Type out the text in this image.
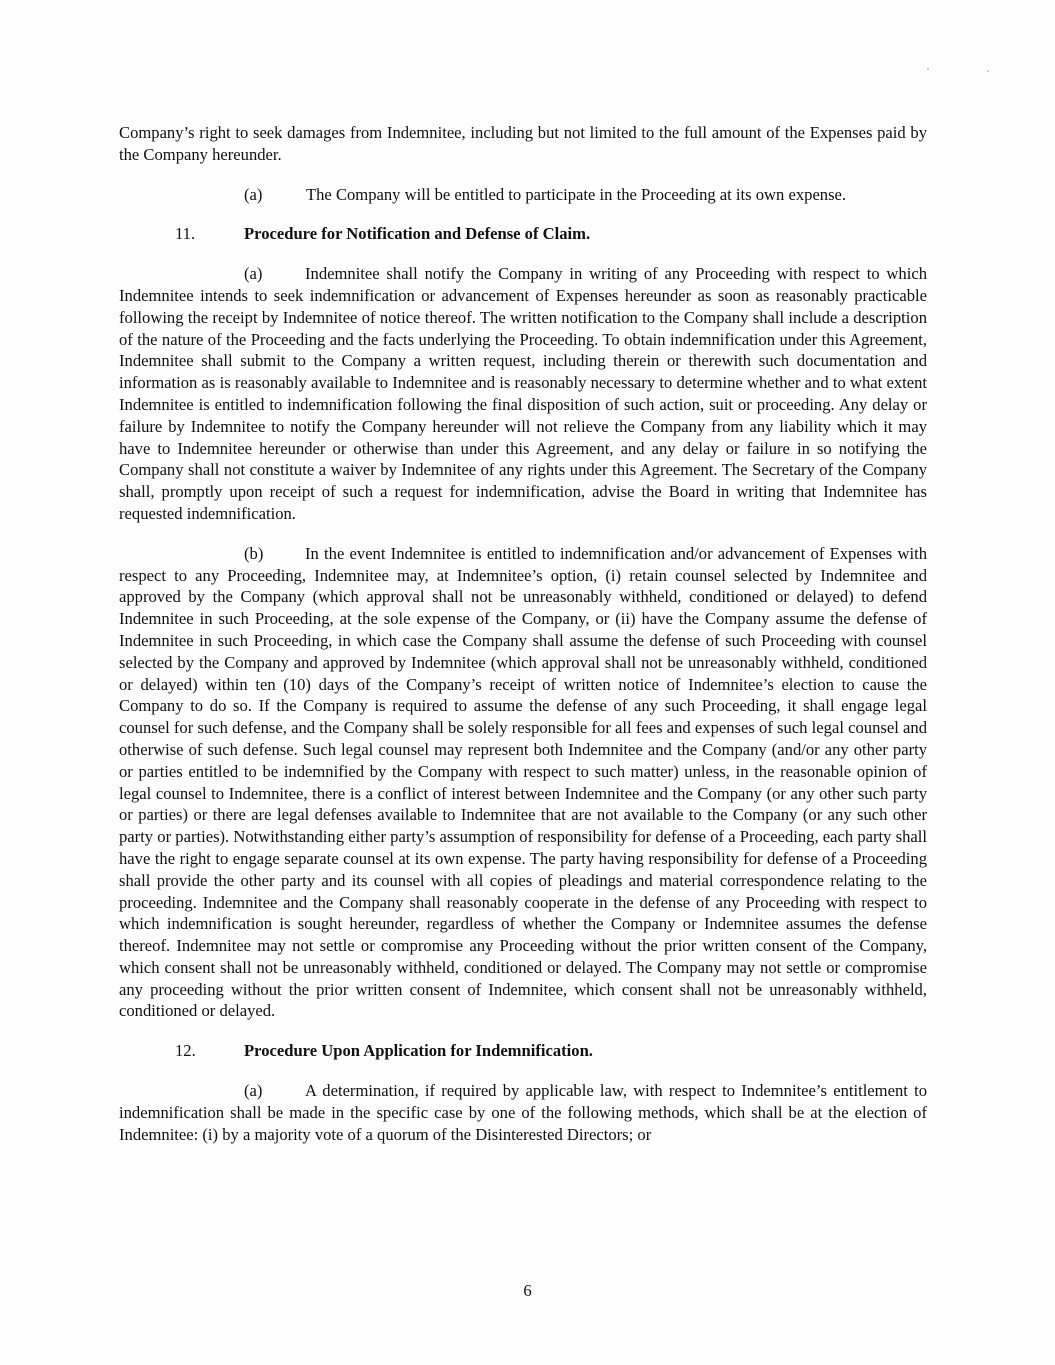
Company’s right to seek damages from Indemnitee, including but not limited to the full amount of the Expenses paid by the Company hereunder.

(a)	The Company will be entitled to participate in the Proceeding at its own expense.

11.	Procedure for Notification and Defense of Claim.

(a)	Indemnitee shall notify the Company in writing of any Proceeding with respect to which Indemnitee intends to seek indemnification or advancement of Expenses hereunder as soon as reasonably practicable following the receipt by Indemnitee of notice thereof. The written notification to the Company shall include a description of the nature of the Proceeding and the facts underlying the Proceeding. To obtain indemnification under this Agreement, Indemnitee shall submit to the Company a written request, including therein or therewith such documentation and information as is reasonably available to Indemnitee and is reasonably necessary to determine whether and to what extent Indemnitee is entitled to indemnification following the final disposition of such action, suit or proceeding. Any delay or failure by Indemnitee to notify the Company hereunder will not relieve the Company from any liability which it may have to Indemnitee hereunder or otherwise than under this Agreement, and any delay or failure in so notifying the Company shall not constitute a waiver by Indemnitee of any rights under this Agreement. The Secretary of the Company shall, promptly upon receipt of such a request for indemnification, advise the Board in writing that Indemnitee has requested indemnification.

(b)	In the event Indemnitee is entitled to indemnification and/or advancement of Expenses with respect to any Proceeding, Indemnitee may, at Indemnitee’s option, (i) retain counsel selected by Indemnitee and approved by the Company (which approval shall not be unreasonably withheld, conditioned or delayed) to defend Indemnitee in such Proceeding, at the sole expense of the Company, or (ii) have the Company assume the defense of Indemnitee in such Proceeding, in which case the Company shall assume the defense of such Proceeding with counsel selected by the Company and approved by Indemnitee (which approval shall not be unreasonably withheld, conditioned or delayed) within ten (10) days of the Company’s receipt of written notice of Indemnitee’s election to cause the Company to do so. If the Company is required to assume the defense of any such Proceeding, it shall engage legal counsel for such defense, and the Company shall be solely responsible for all fees and expenses of such legal counsel and otherwise of such defense. Such legal counsel may represent both Indemnitee and the Company (and/or any other party or parties entitled to be indemnified by the Company with respect to such matter) unless, in the reasonable opinion of legal counsel to Indemnitee, there is a conflict of interest between Indemnitee and the Company (or any other such party or parties) or there are legal defenses available to Indemnitee that are not available to the Company (or any such other party or parties). Notwithstanding either party’s assumption of responsibility for defense of a Proceeding, each party shall have the right to engage separate counsel at its own expense. The party having responsibility for defense of a Proceeding shall provide the other party and its counsel with all copies of pleadings and material correspondence relating to the proceeding. Indemnitee and the Company shall reasonably cooperate in the defense of any Proceeding with respect to which indemnification is sought hereunder, regardless of whether the Company or Indemnitee assumes the defense thereof. Indemnitee may not settle or compromise any Proceeding without the prior written consent of the Company, which consent shall not be unreasonably withheld, conditioned or delayed. The Company may not settle or compromise any proceeding without the prior written consent of Indemnitee, which consent shall not be unreasonably withheld, conditioned or delayed.

12.	Procedure Upon Application for Indemnification.

(a)	A determination, if required by applicable law, with respect to Indemnitee’s entitlement to indemnification shall be made in the specific case by one of the following methods, which shall be at the election of Indemnitee: (i) by a majority vote of a quorum of the Disinterested Directors; or

6
